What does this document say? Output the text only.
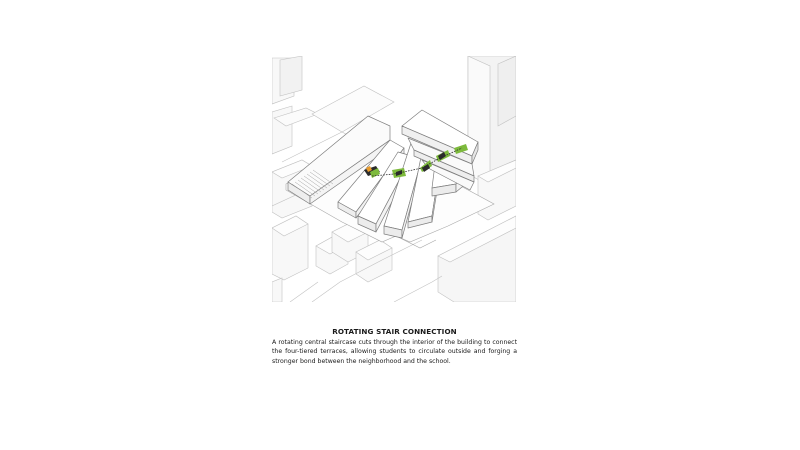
ROTATING STAIR CONNECTION

A rotating central staircase cuts through the interior of the building to connect the four-tiered terraces, allowing students to circulate outside and forging a stronger bond between the neighborhood and the school.
